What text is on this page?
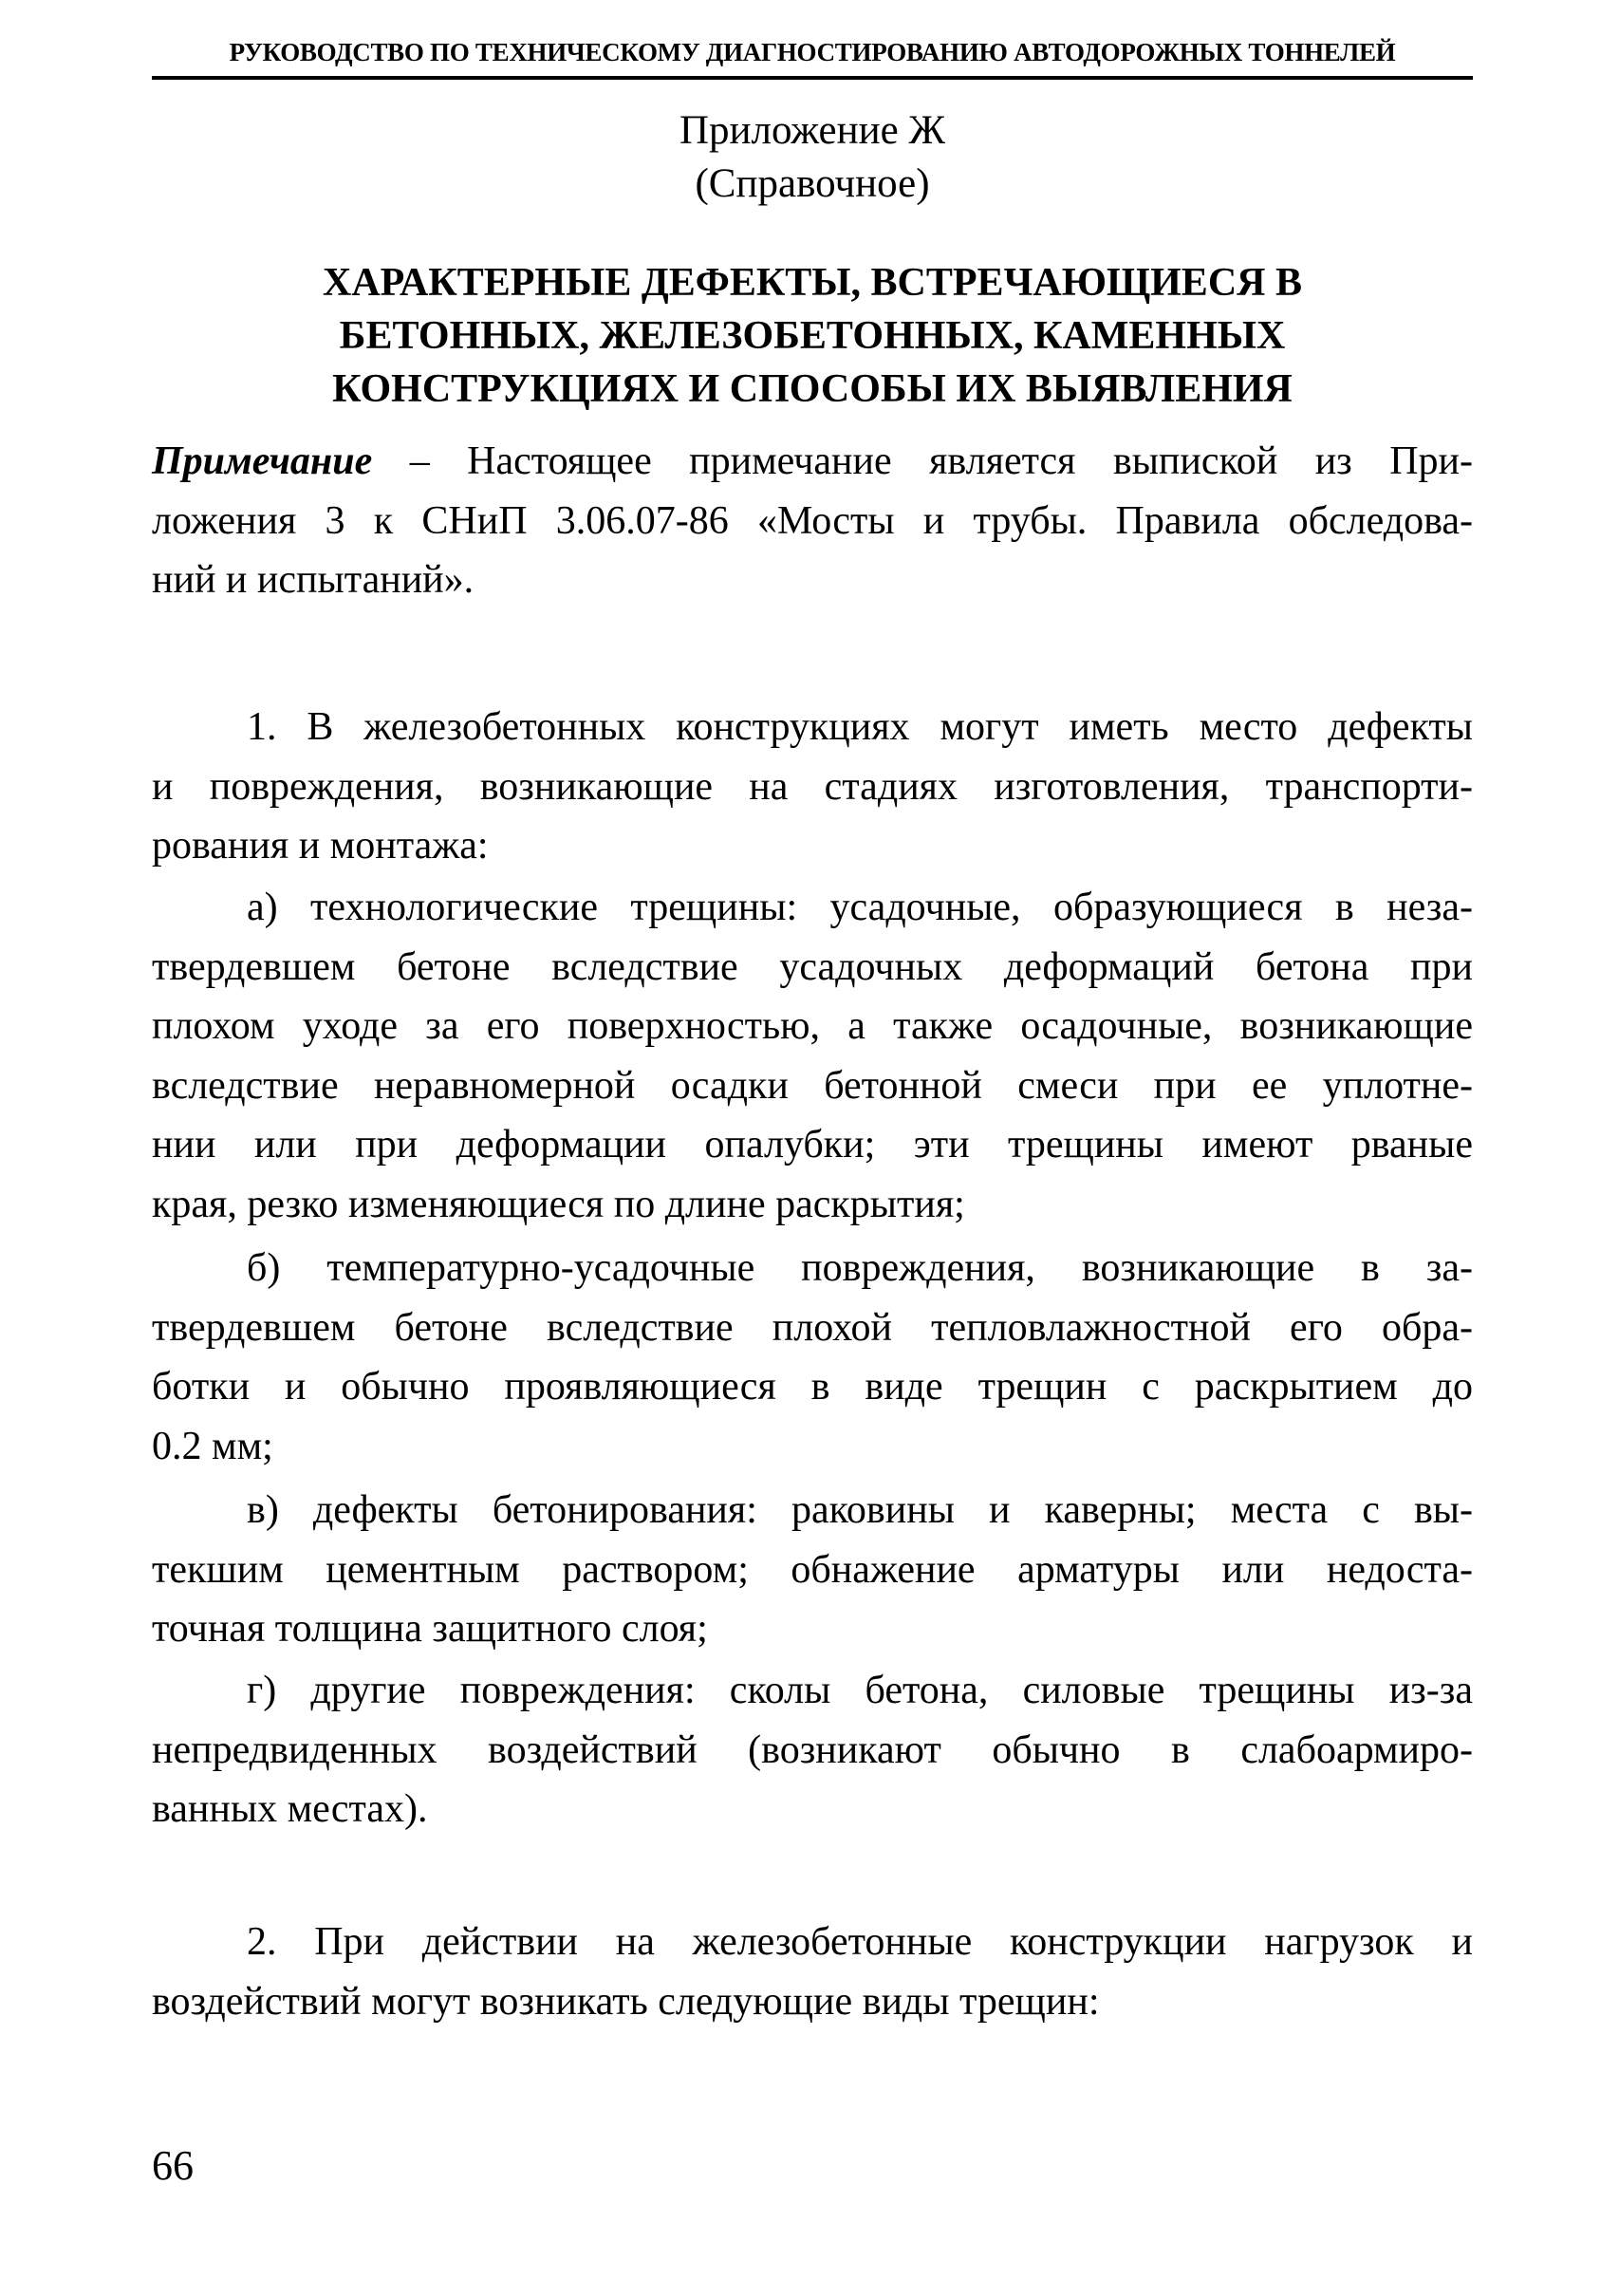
РУКОВОДСТВО ПО ТЕХНИЧЕСКОМУ ДИАГНОСТИРОВАНИЮ АВТОДОРОЖНЫХ ТОННЕЛЕЙ
Приложение Ж
(Справочное)
ХАРАКТЕРНЫЕ ДЕФЕКТЫ, ВСТРЕЧАЮЩИЕСЯ В
БЕТОННЫХ, ЖЕЛЕЗОБЕТОННЫХ, КАМЕННЫХ
КОНСТРУКЦИЯХ И СПОСОБЫ ИХ ВЫЯВЛЕНИЯ
Примечание – Настоящее примечание является выпиской из При-
ложения 3 к СНиП 3.06.07-86 «Мосты и трубы. Правила обследова-
ний и испытаний».
1. В железобетонных конструкциях могут иметь место дефекты
и повреждения, возникающие на стадиях изготовления, транспорти-
рования и монтажа:
а) технологические трещины: усадочные, образующиеся в неза-
твердевшем бетоне вследствие усадочных деформаций бетона при
плохом уходе за его поверхностью, а также осадочные, возникающие
вследствие неравномерной осадки бетонной смеси при ее уплотне-
нии или при деформации опалубки; эти трещины имеют рваные
края, резко изменяющиеся по длине раскрытия;
б) температурно-усадочные повреждения, возникающие в за-
твердевшем бетоне вследствие плохой тепловлажностной его обра-
ботки и обычно проявляющиеся в виде трещин с раскрытием до
0.2 мм;
в) дефекты бетонирования: раковины и каверны; места с вы-
текшим цементным раствором; обнажение арматуры или недоста-
точная толщина защитного слоя;
г) другие повреждения: сколы бетона, силовые трещины из-за
непредвиденных воздействий (возникают обычно в слабоармиро-
ванных местах).
2. При действии на железобетонные конструкции нагрузок и
воздействий могут возникать следующие виды трещин:
66
